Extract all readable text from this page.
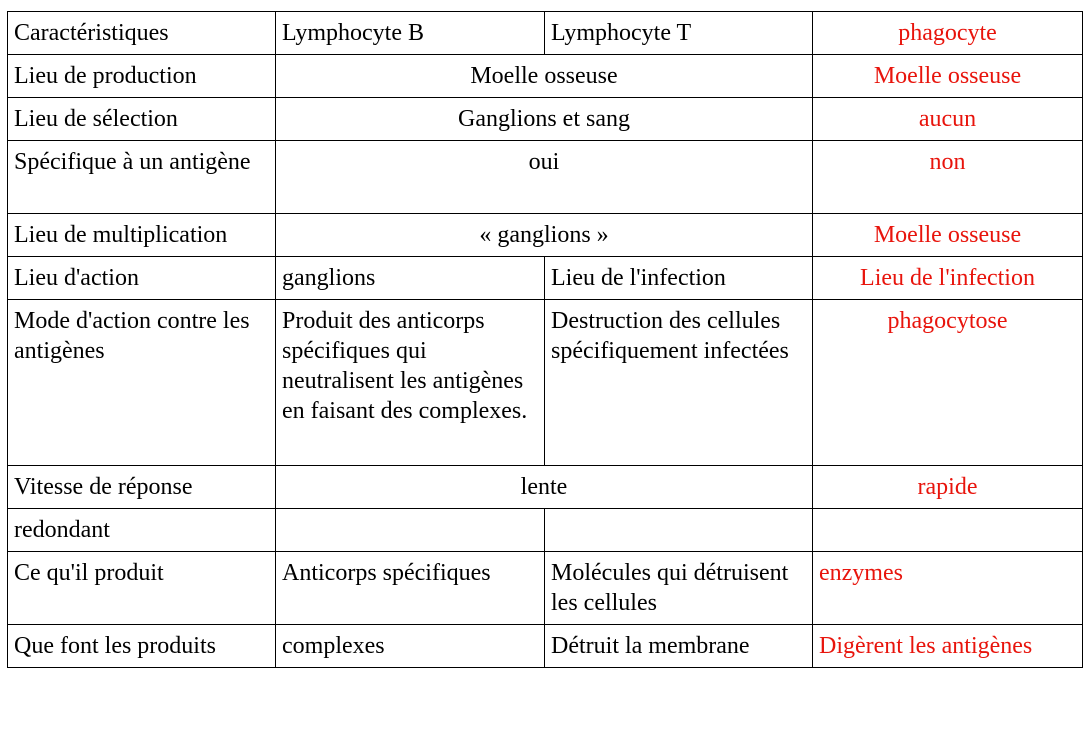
Caractéristiques	Lymphocyte B	Lymphocyte T	phagocyte
Lieu de production	Moelle osseuse		Moelle osseuse
Lieu de sélection	Ganglions et sang		aucun
Spécifique à un antigène	oui		non
Lieu de multiplication	« ganglions »		Moelle osseuse
Lieu d'action	ganglions	Lieu de l'infection	Lieu de l'infection
Mode d'action contre les antigènes	Produit des anticorps spécifiques qui neutralisent les antigènes en faisant des complexes.	Destruction des cellules spécifiquement infectées	phagocytose
Vitesse de réponse	lente		rapide
redondant			
Ce qu'il produit	Anticorps spécifiques	Molécules qui détruisent les cellules	enzymes
Que font les produits	complexes	Détruit la membrane	Digèrent les antigènes
